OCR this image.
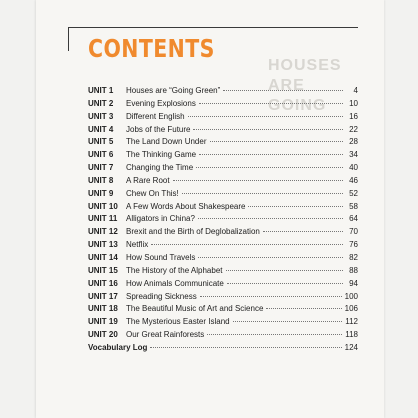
HOUSES ARE GOING
CONTENTS
UNIT 1	Houses are “Going Green”	4
UNIT 2	Evening Explosions	10
UNIT 3	Different English	16
UNIT 4	Jobs of the Future	22
UNIT 5	The Land Down Under	28
UNIT 6	The Thinking Game	34
UNIT 7	Changing the Time	40
UNIT 8	A Rare Root	46
UNIT 9	Chew On This!	52
UNIT 10	A Few Words About Shakespeare	58
UNIT 11	Alligators in China?	64
UNIT 12	Brexit and the Birth of Deglobalization	70
UNIT 13	Netflix	76
UNIT 14	How Sound Travels	82
UNIT 15	The History of the Alphabet	88
UNIT 16	How Animals Communicate	94
UNIT 17	Spreading Sickness	100
UNIT 18	The Beautiful Music of Art and Science	106
UNIT 19	The Mysterious Easter Island	112
UNIT 20	Our Great Rainforests	118
Vocabulary Log	124
